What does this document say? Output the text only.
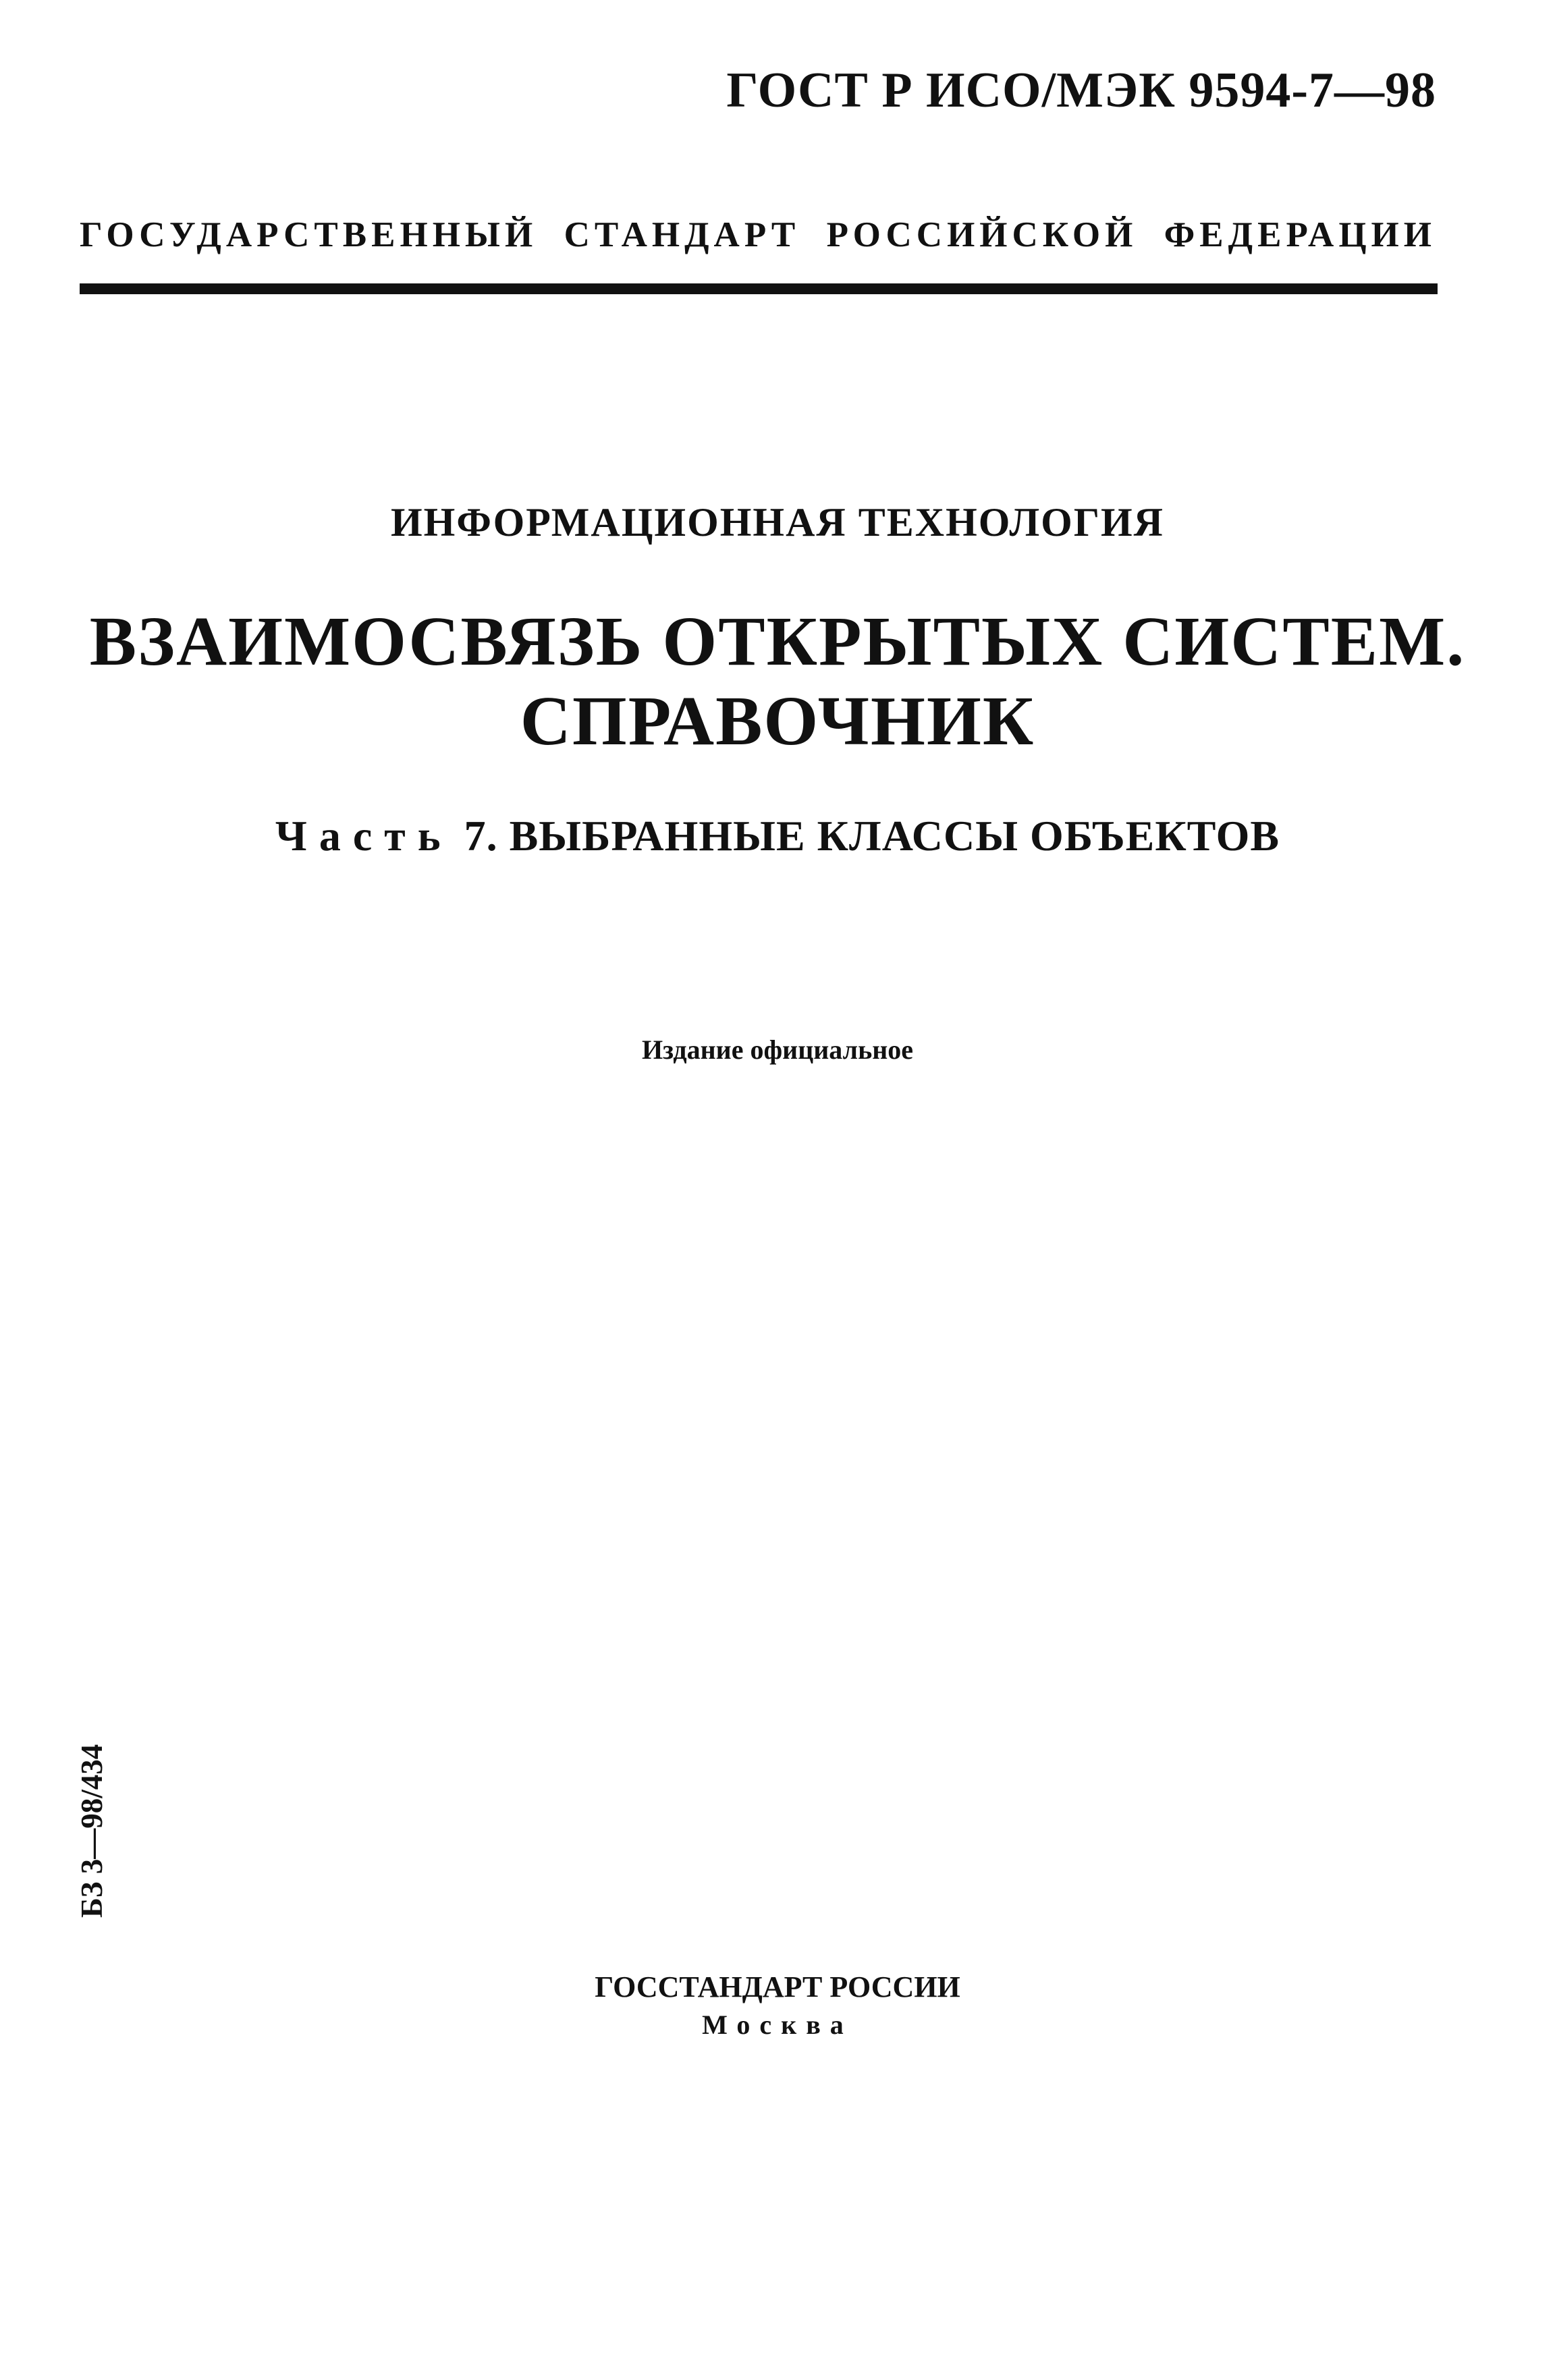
ГОСТ Р ИСО/МЭК 9594-7—98
ГОСУДАРСТВЕННЫЙ СТАНДАРТ РОССИЙСКОЙ ФЕДЕРАЦИИ
ИНФОРМАЦИОННАЯ ТЕХНОЛОГИЯ
ВЗАИМОСВЯЗЬ ОТКРЫТЫХ СИСТЕМ.
СПРАВОЧНИК
Часть 7. ВЫБРАННЫЕ КЛАССЫ ОБЪЕКТОВ
Издание официальное
БЗ 3—98/434
ГОССТАНДАРТ РОССИИ
Москва
